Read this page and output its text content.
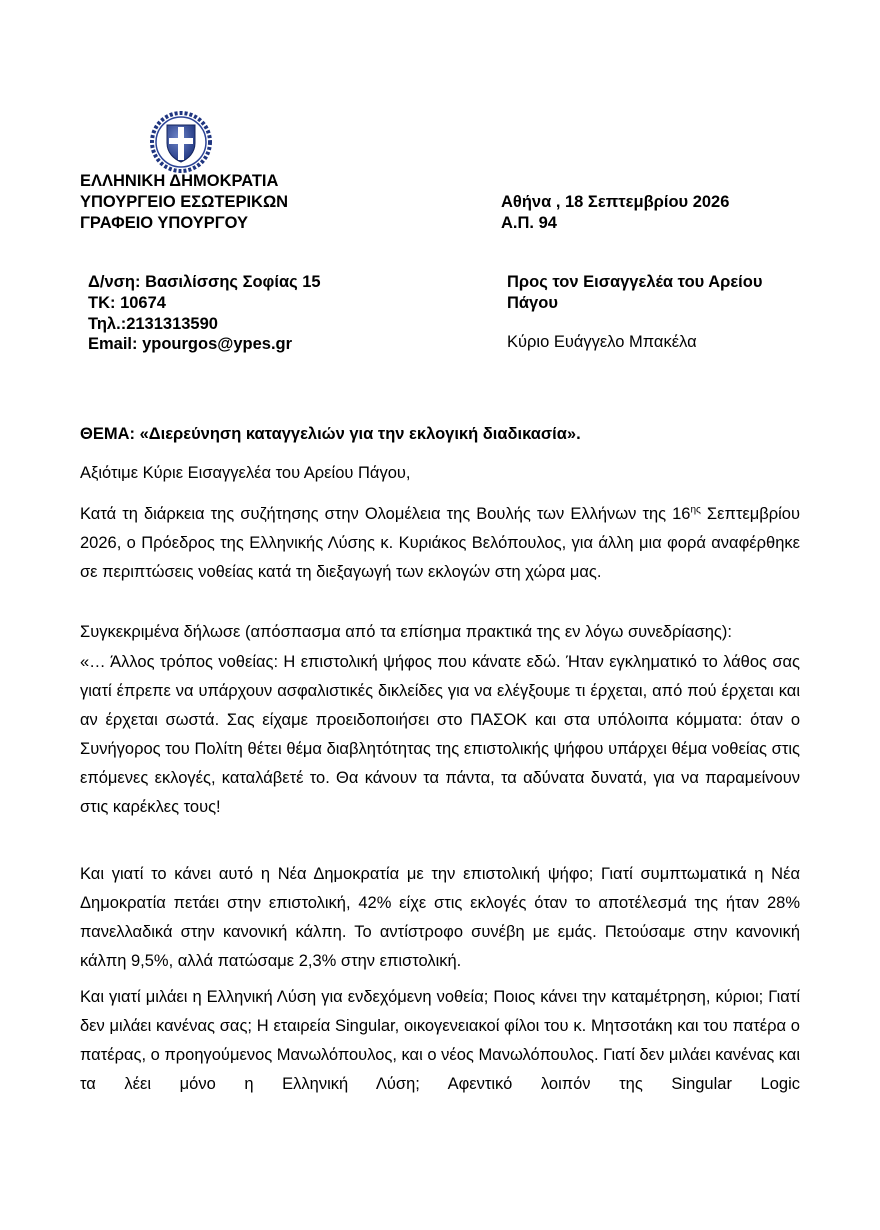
ΕΛΛΗΝΙΚΗ ΔΗΜΟΚΡΑΤΙΑ
ΥΠΟΥΡΓΕΙΟ ΕΣΩΤΕΡΙΚΩΝ
ΓΡΑΦΕΙΟ ΥΠΟΥΡΓΟΥ
Αθήνα , 18 Σεπτεμβρίου 2026
Α.Π. 94
Δ/νση: Βασιλίσσης Σοφίας 15
ΤΚ: 10674
Τηλ.:2131313590
Email: ypourgos@ypes.gr
Προς τον Εισαγγελέα του Αρείου
Πάγου
Κύριο Ευάγγελο Μπακέλα
ΘΕΜΑ: «Διερεύνηση καταγγελιών για την εκλογική διαδικασία».
Αξιότιμε Κύριε Εισαγγελέα του Αρείου Πάγου,
Κατά τη διάρκεια της συζήτησης στην Ολομέλεια της Βουλής των Ελλήνων της $16^{\eta\varsigma}$ Σεπτεμβρίου 2026, ο Πρόεδρος της Ελληνικής Λύσης κ. Κυριάκος Βελόπουλος, για άλλη μια φορά αναφέρθηκε σε περιπτώσεις νοθείας κατά τη διεξαγωγή των εκλογών στη χώρα μας.
Συγκεκριμένα δήλωσε (απόσπασμα από τα επίσημα πρακτικά της εν λόγω συνεδρίασης):
«… Άλλος τρόπος νοθείας: Η επιστολική ψήφος που κάνατε εδώ. Ήταν εγκληματικό το λάθος σας γιατί έπρεπε να υπάρχουν ασφαλιστικές δικλείδες για να ελέγξουμε τι έρχεται, από πού έρχεται και αν έρχεται σωστά. Σας είχαμε προειδοποιήσει στο ΠΑΣΟΚ και στα υπόλοιπα κόμματα: όταν ο Συνήγορος του Πολίτη θέτει θέμα διαβλητότητας της επιστολικής ψήφου υπάρχει θέμα νοθείας στις επόμενες εκλογές, καταλάβετέ το. Θα κάνουν τα πάντα, τα αδύνατα δυνατά, για να παραμείνουν στις καρέκλες τους!
Και γιατί το κάνει αυτό η Νέα Δημοκρατία με την επιστολική ψήφο; Γιατί συμπτωματικά η Νέα Δημοκρατία πετάει στην επιστολική, 42% είχε στις εκλογές όταν το αποτέλεσμά της ήταν 28% πανελλαδικά στην κανονική κάλπη. Το αντίστροφο συνέβη με εμάς. Πετούσαμε στην κανονική κάλπη 9,5%, αλλά πατώσαμε 2,3% στην επιστολική.
Και γιατί μιλάει η Ελληνική Λύση για ενδεχόμενη νοθεία; Ποιος κάνει την καταμέτρηση, κύριοι; Γιατί δεν μιλάει κανένας σας; Η εταιρεία Singular, οικογενειακοί φίλοι του κ. Μητσοτάκη και του πατέρα ο πατέρας, ο προηγούμενος Μανωλόπουλος, και ο νέος Μανωλόπουλος. Γιατί δεν μιλάει κανένας και τα λέει μόνο η Ελληνική Λύση; Αφεντικό λοιπόν της Singular Logic
